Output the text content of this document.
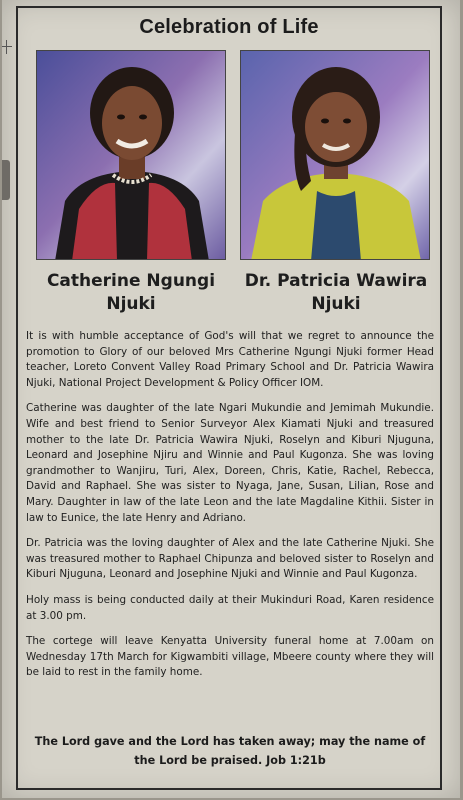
Celebration of Life
Catherine Ngungi Njuki
Dr. Patricia Wawira Njuki

It is with humble acceptance of God's will that we regret to announce the promotion to Glory of our beloved Mrs Catherine Ngungi Njuki former Head teacher, Loreto Convent Valley Road Primary School and Dr. Patricia Wawira Njuki, National Project Development & Policy Officer IOM.

Catherine was daughter of the late Ngari Mukundie and Jemimah Mukundie. Wife and best friend to Senior Surveyor Alex Kiamati Njuki and treasured mother to the late Dr. Patricia Wawira Njuki, Roselyn and Kiburi Njuguna, Leonard and Josephine Njiru and Winnie and Paul Kugonza. She was loving grandmother to Wanjiru, Turi, Alex, Doreen, Chris, Katie, Rachel, Rebecca, David and Raphael. She was sister to Nyaga, Jane, Susan, Lilian, Rose and Mary. Daughter in law of the late Leon and the late Magdaline Kithii. Sister in law to Eunice, the late Henry and Adriano.

Dr. Patricia was the loving daughter of Alex and the late Catherine Njuki. She was treasured mother to Raphael Chipunza and beloved sister to Roselyn and Kiburi Njuguna, Leonard and Josephine Njuki and Winnie and Paul Kugonza.

Holy mass is being conducted daily at their Mukinduri Road, Karen residence at 3.00 pm.

The cortege will leave Kenyatta University funeral home at 7.00am on Wednesday 17th March for Kigwambiti village, Mbeere county where they will be laid to rest in the family home.

The Lord gave and the Lord has taken away; may the name of the Lord be praised. Job 1:21b
